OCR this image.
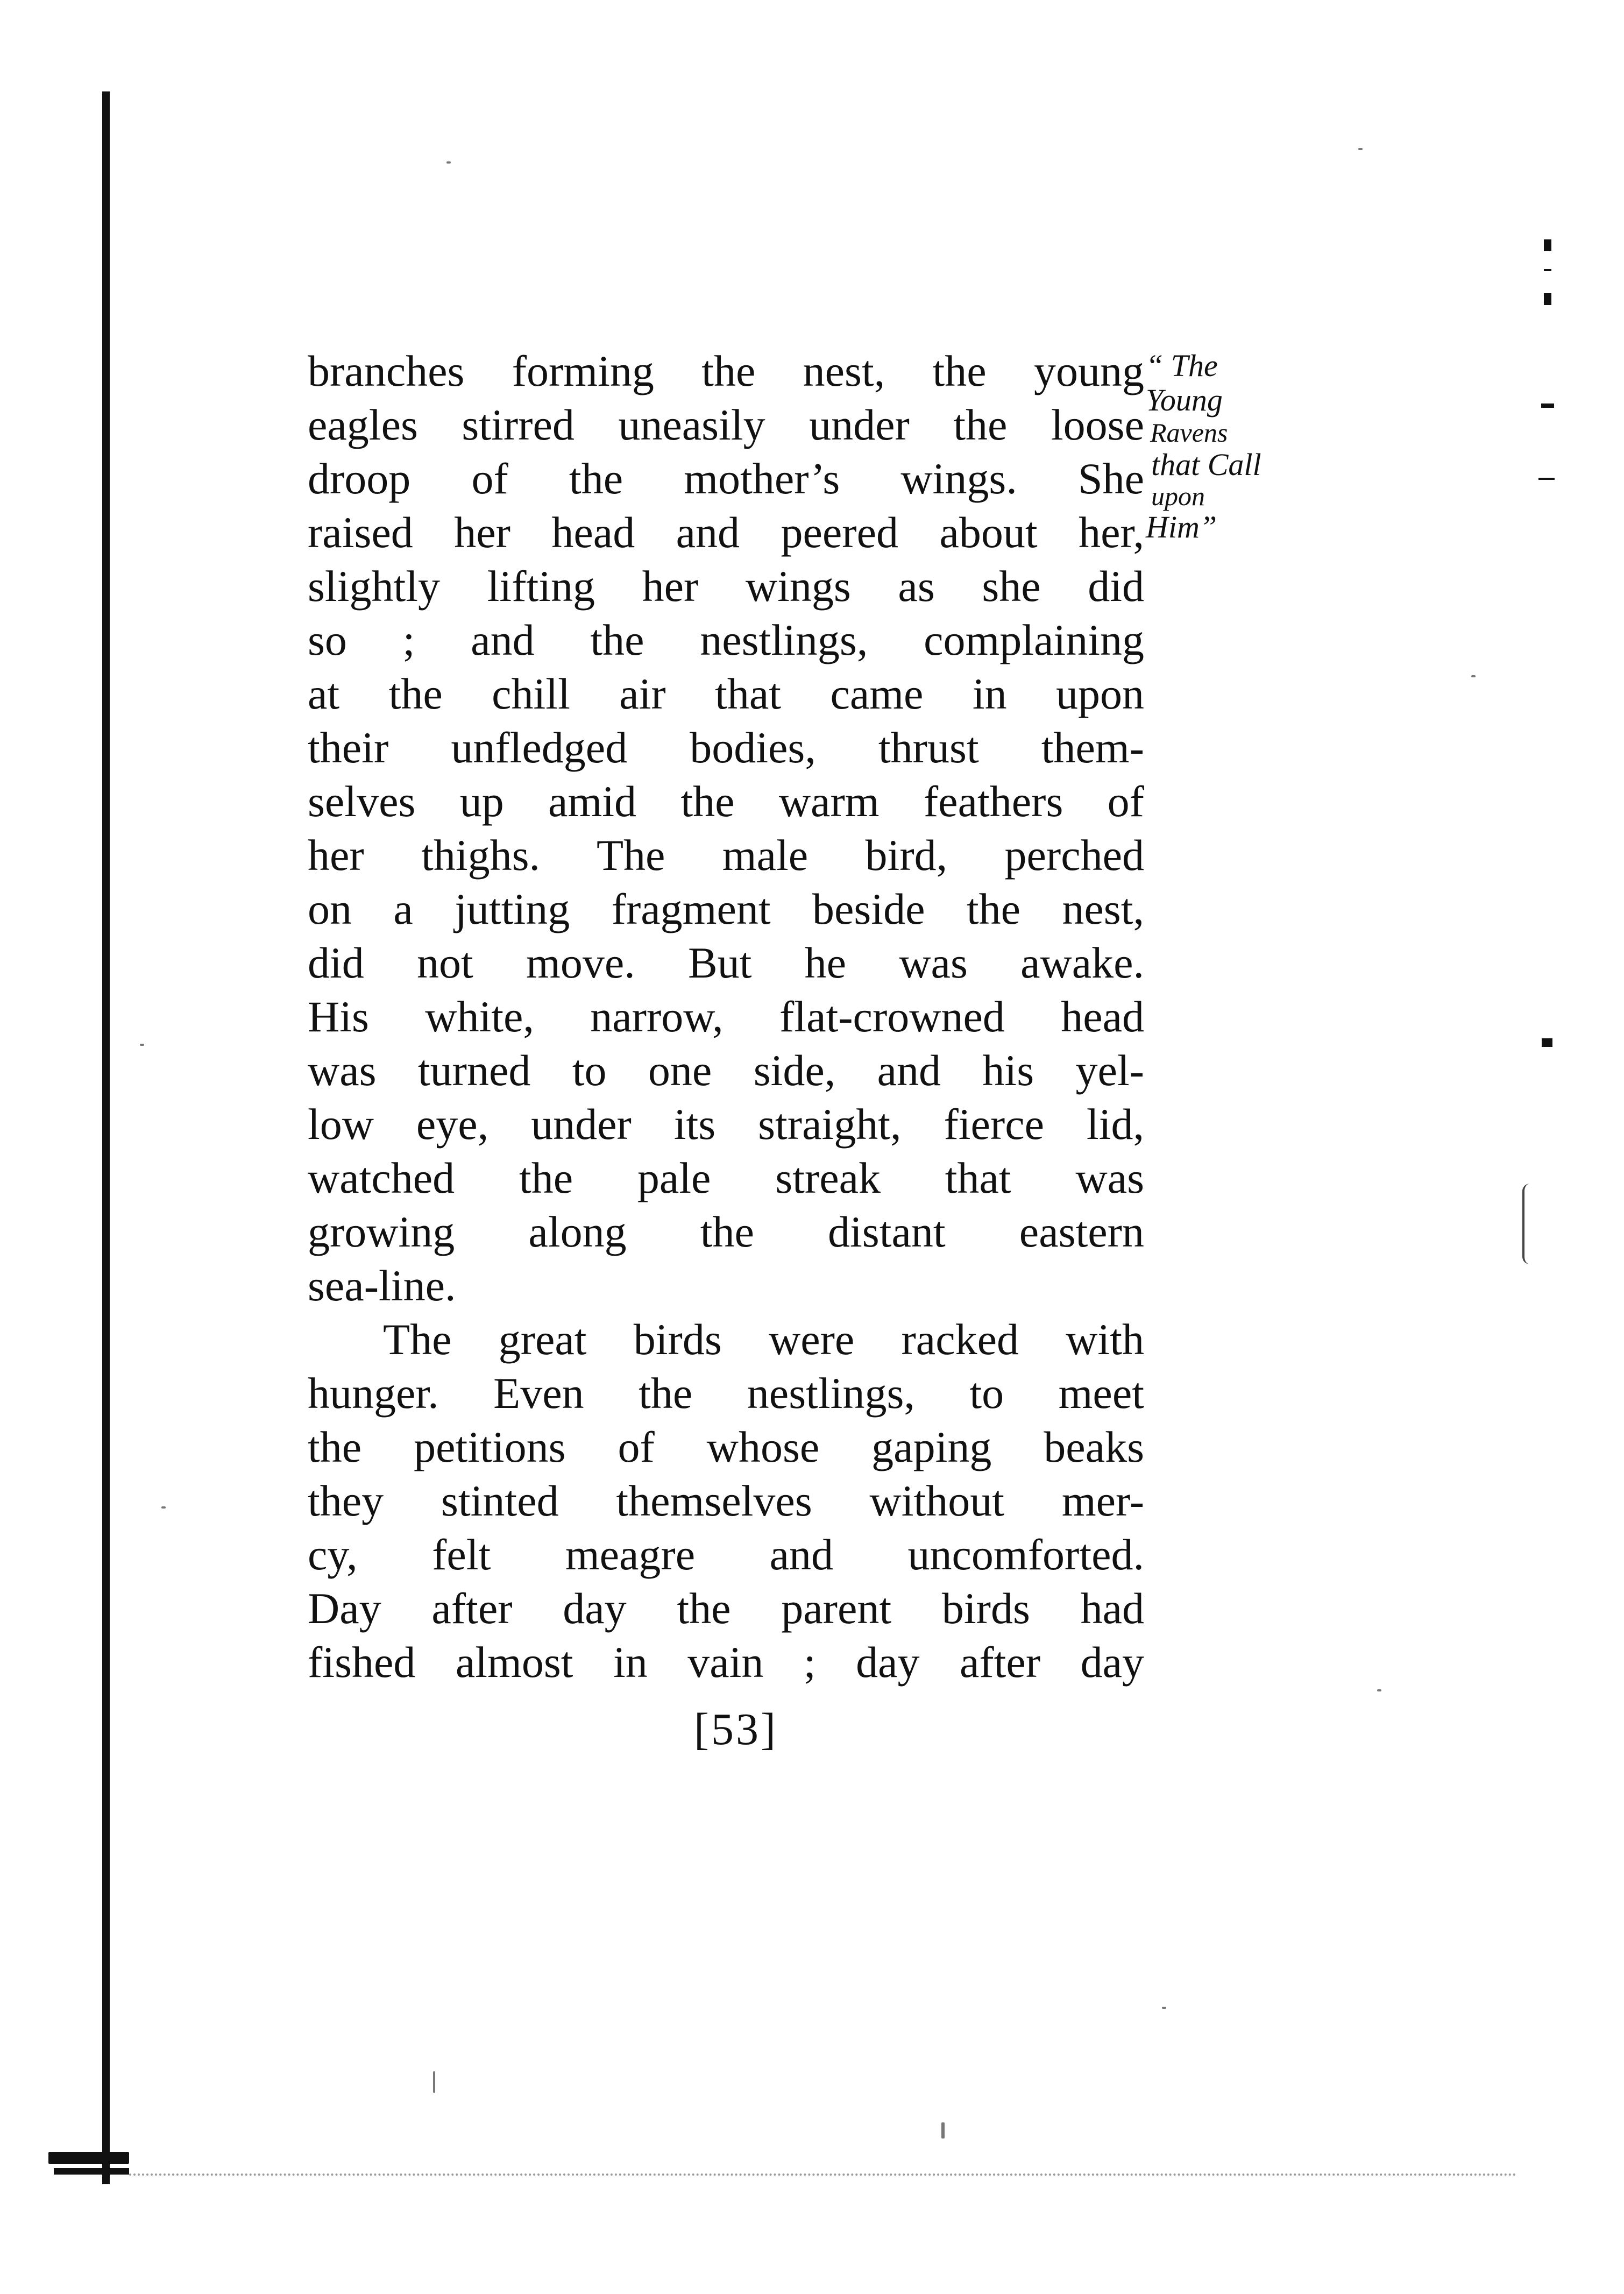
branches forming the nest, the young
eagles stirred uneasily under the loose
droop of the mother’s wings. She
raised her head and peered about her,
slightly lifting her wings as she did
so ; and the nestlings, complaining
at the chill air that came in upon
their unfledged bodies, thrust them-
selves up amid the warm feathers of
her thighs. The male bird, perched
on a jutting fragment beside the nest,
did not move. But he was awake.
His white, narrow, flat-crowned head
was turned to one side, and his yel-
low eye, under its straight, fierce lid,
watched the pale streak that was
growing along the distant eastern
sea-line.
The great birds were racked with
hunger. Even the nestlings, to meet
the petitions of whose gaping beaks
they stinted themselves without mer-
cy, felt meagre and uncomforted.
Day after day the parent birds had
fished almost in vain ; day after day
“ The
Young
Ravens
that Call
upon
Him”
[53]
